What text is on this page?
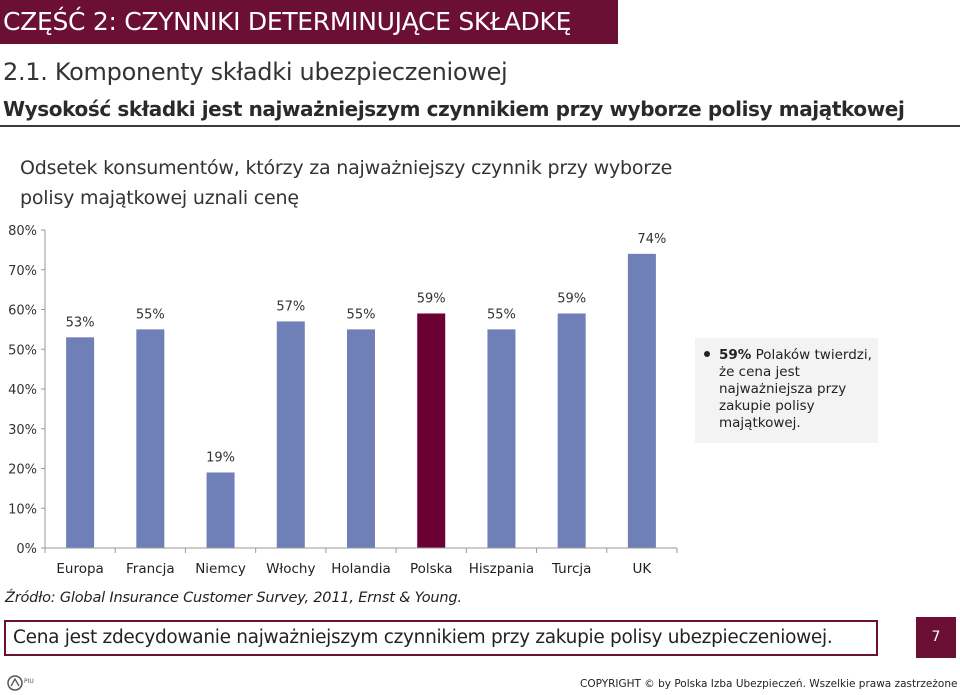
CZĘŚĆ 2: CZYNNIKI DETERMINUJĄCE SKŁADKĘ
2.1. Komponenty składki ubezpieczeniowej
Wysokość składki jest najważniejszym czynnikiem przy wyborze polisy majątkowej
Odsetek konsumentów, którzy za najważniejszy czynnik przy wyborze polisy majątkowej uznali cenę
0%
10%
20%
30%
40%
50%
60%
70%
80%
53%
55%
19%
57%
55%
59%
55%
59%
74%
Europa Francja Niemcy Włochy Holandia Polska Hiszpania Turcja	UK
59% Polaków twierdzi, że cena jest najważniejsza przy zakupie polisy majątkowej.
Źródło: Global Insurance Customer Survey, 2011, Ernst & Young.
Cena jest zdecydowanie najważniejszym czynnikiem przy zakupie polisy ubezpieczeniowej.	7
PIU	COPYRIGHT © by Polska Izba Ubezpieczeń. Wszelkie prawa zastrzeżone
